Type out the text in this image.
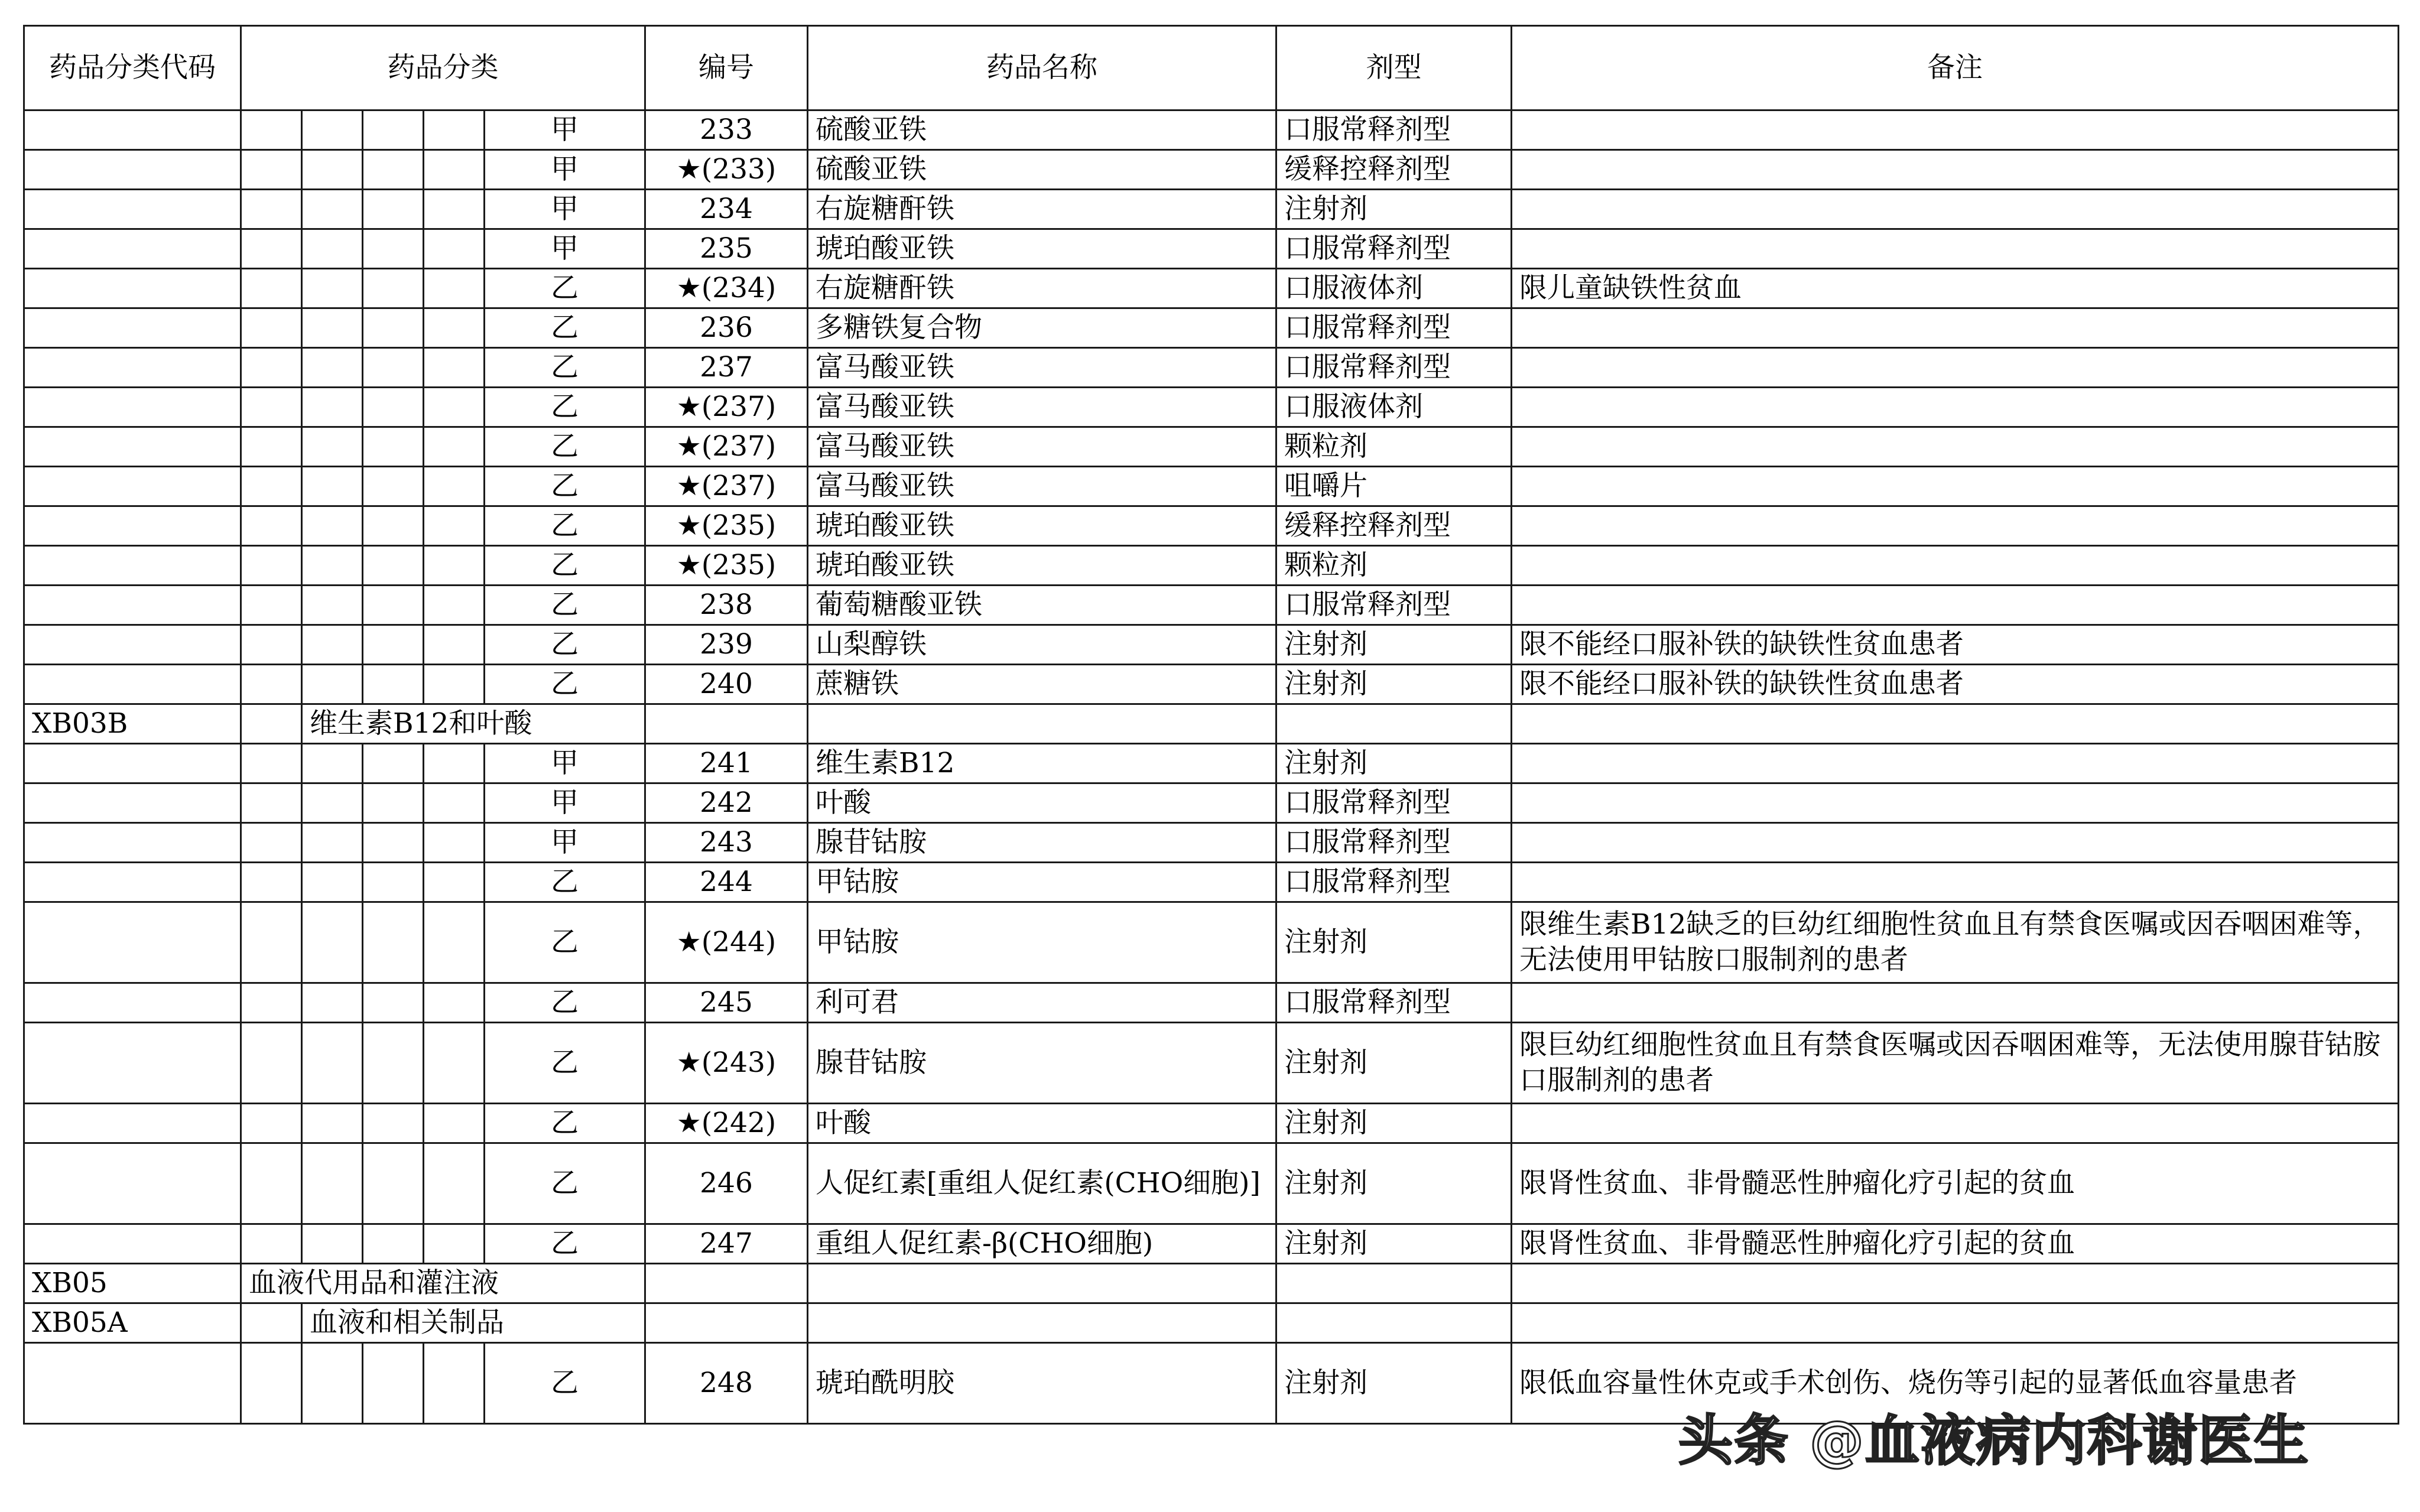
药品分类代码	药品分类					编号	药品名称	剂型	备注
					甲	233	硫酸亚铁	口服常释剂型	
					甲	★(233)	硫酸亚铁	缓释控释剂型	
					甲	234	右旋糖酐铁	注射剂	
					甲	235	琥珀酸亚铁	口服常释剂型	
					乙	★(234)	右旋糖酐铁	口服液体剂	限儿童缺铁性贫血
					乙	236	多糖铁复合物	口服常释剂型	
					乙	237	富马酸亚铁	口服常释剂型	
					乙	★(237)	富马酸亚铁	口服液体剂	
					乙	★(237)	富马酸亚铁	颗粒剂	
					乙	★(237)	富马酸亚铁	咀嚼片	
					乙	★(235)	琥珀酸亚铁	缓释控释剂型	
					乙	★(235)	琥珀酸亚铁	颗粒剂	
					乙	238	葡萄糖酸亚铁	口服常释剂型	
					乙	239	山梨醇铁	注射剂	限不能经口服补铁的缺铁性贫血患者
					乙	240	蔗糖铁	注射剂	限不能经口服补铁的缺铁性贫血患者
XB03B		维生素B12和叶酸							
					甲	241	维生素B12	注射剂	
					甲	242	叶酸	口服常释剂型	
					甲	243	腺苷钴胺	口服常释剂型	
					乙	244	甲钴胺	口服常释剂型	
					乙	★(244)	甲钴胺	注射剂	限维生素B12缺乏的巨幼红细胞性贫血且有禁食医嘱或因吞咽困难等，无法使用甲钴胺口服制剂的患者
					乙	245	利可君	口服常释剂型	
					乙	★(243)	腺苷钴胺	注射剂	限巨幼红细胞性贫血且有禁食医嘱或因吞咽困难等，无法使用腺苷钴胺口服制剂的患者
					乙	★(242)	叶酸	注射剂	
					乙	246	人促红素[重组人促红素(CHO细胞)]	注射剂	限肾性贫血、非骨髓恶性肿瘤化疗引起的贫血
					乙	247	重组人促红素-β(CHO细胞)	注射剂	限肾性贫血、非骨髓恶性肿瘤化疗引起的贫血
XB05	血液代用品和灌注液								
XB05A		血液和相关制品							
					乙	248	琥珀酰明胶	注射剂	限低血容量性休克或手术创伤、烧伤等引起的显著低血容量患者
头条 @血液病内科谢医生
